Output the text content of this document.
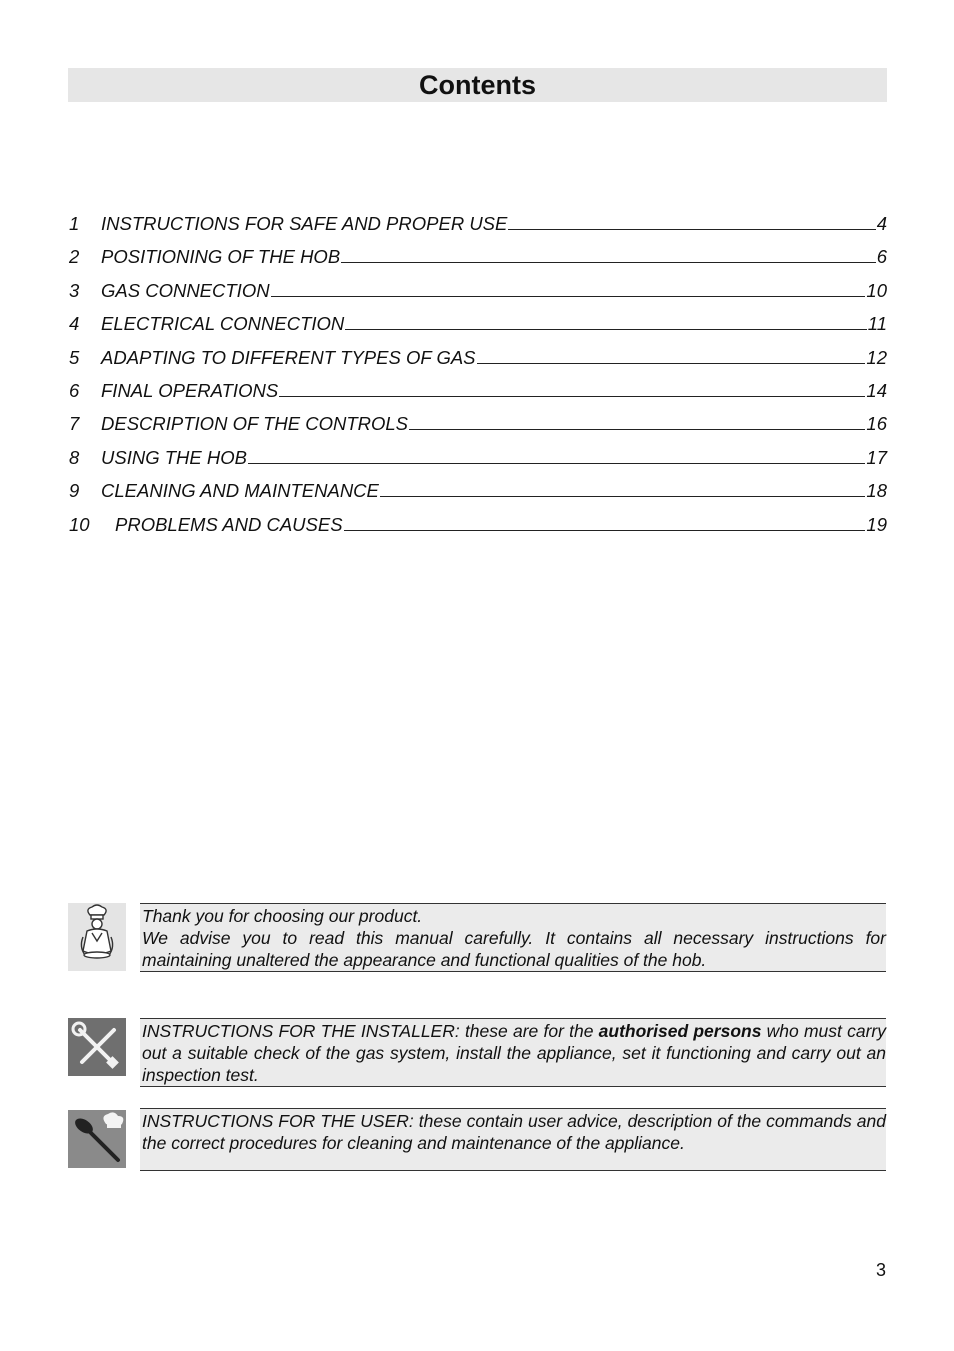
Contents
1	INSTRUCTIONS FOR SAFE AND PROPER USE	4
2	POSITIONING OF THE HOB	6
3	GAS CONNECTION	10
4	ELECTRICAL CONNECTION	11
5	ADAPTING TO DIFFERENT TYPES OF GAS	12
6	FINAL OPERATIONS	14
7	DESCRIPTION OF THE CONTROLS	16
8	USING THE HOB	17
9	CLEANING AND MAINTENANCE	18
10	PROBLEMS AND CAUSES	19

Thank you for choosing our product.

We advise you to read this manual carefully. It contains all necessary instructions for maintaining unaltered the appearance and functional qualities of the hob.

INSTRUCTIONS FOR THE INSTALLER: these are for the authorised persons who must carry out a suitable check of the gas system, install the appliance, set it functioning and carry out an inspection test.

INSTRUCTIONS FOR THE USER: these contain user advice, description of the commands and the correct procedures for cleaning and maintenance of the appliance.

3
